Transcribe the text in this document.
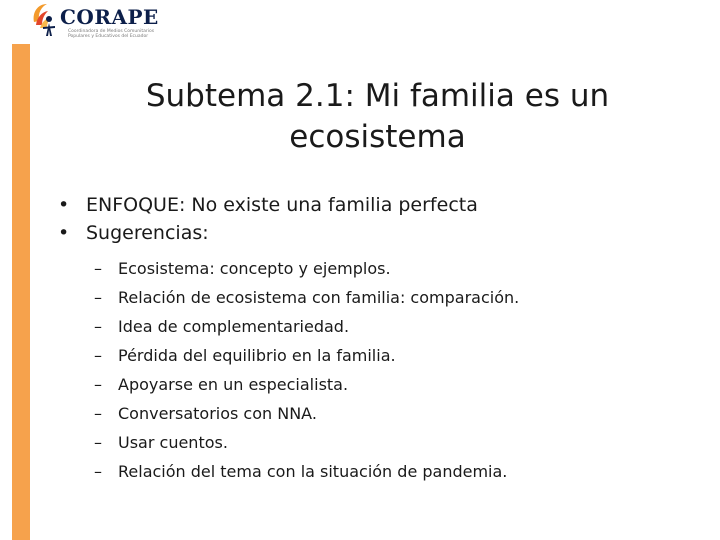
CORAPE
Coordinadora de Medios Comunitarios
Populares y Educativos del Ecuador
Subtema 2.1: Mi familia es un
ecosistema
• ENFOQUE: No existe una familia perfecta
• Sugerencias:
– Ecosistema: concepto y ejemplos.
– Relación de ecosistema con familia: comparación.
– Idea de complementariedad.
– Pérdida del equilibrio en la familia.
– Apoyarse en un especialista.
– Conversatorios con NNA.
– Usar cuentos.
– Relación del tema con la situación de pandemia.
